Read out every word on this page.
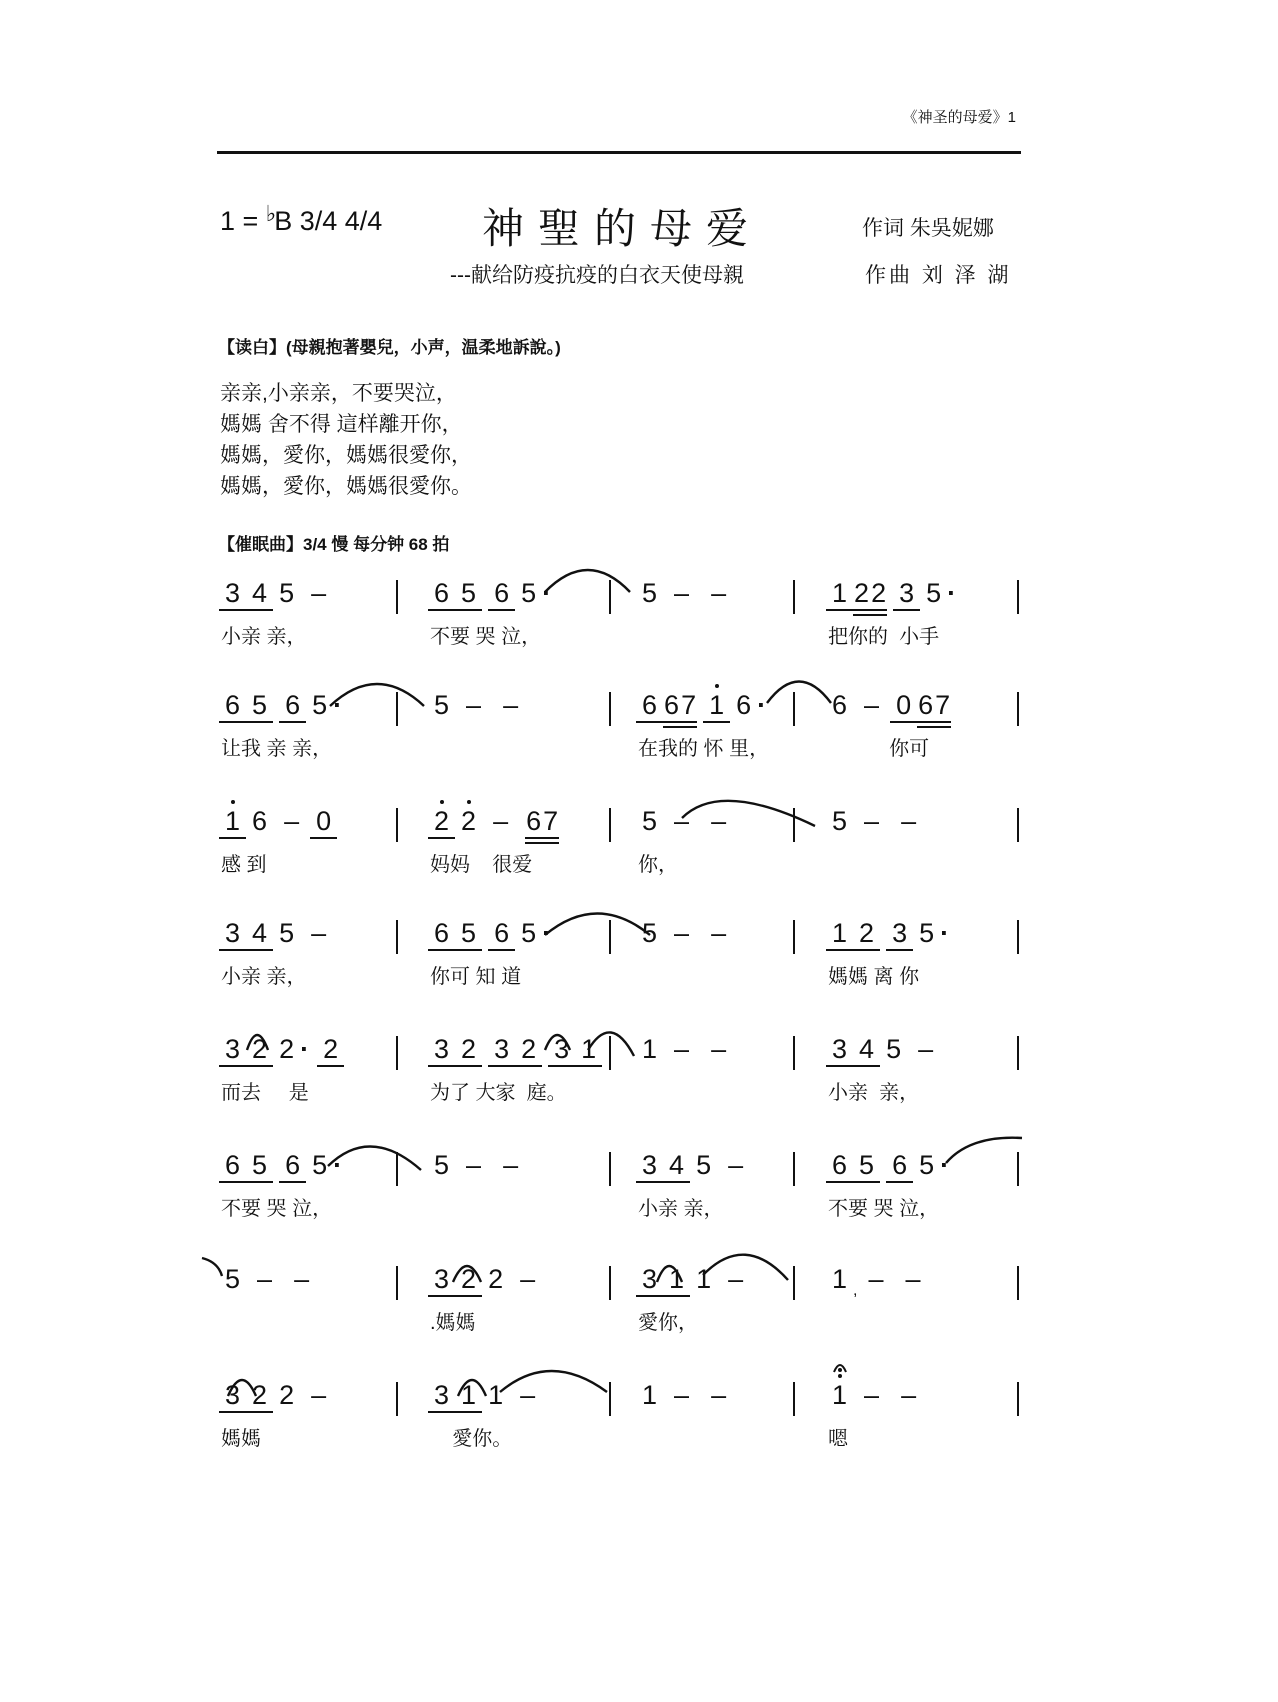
《神圣的母爱》1
1 = ♭B 3/4 4/4 神聖的母爱	作词 朱吳妮娜
---献给防疫抗疫的白衣天使母親	作曲 刘 泽 湖
【读白】(母親抱著嬰兒，小声，温柔地訴說。)
亲亲,小亲亲，不要哭泣，
媽媽 舍不得 這样離开你，
媽媽，愛你，媽媽很愛你，
媽媽，愛你，媽媽很愛你。
【催眠曲】3/4 慢 每分钟 68 拍
3 4 5 –
小亲 亲，
6 5 6 5 ·
不要 哭 泣，
5 – –	1 2 2 3 5 ·
把你的  小手
6 5 6 5 ·
让我 亲 亲，
5 – –	6 6 7 1 6 ·
在我的 怀 里，
6 – 0 6 7
你可
1 6 – 0
感 到
2 2 – 6 7
妈妈    很爱
5 – –
你，
5 – –
3 4 5 –
小亲 亲，
6 5 6 5 ·
你可 知 道
5 – –	1 2 3 5 ·
媽媽 离 你
3 2 2 · 2
而去     是
3 2 3 2 3 1
为了 大家  庭。
1 – –	3 4 5 –
小亲  亲，
6 5 6 5 ·
不要 哭 泣，
5 – –	3 4 5 –
小亲 亲，
6 5 6 5 ·
不要 哭 泣，
5 – –	3 2 2 –
.媽媽
3 1 1 –
愛你，
1 , – –
3 2 2 –
媽媽
3 1 1 –
愛你。
1 – –	1 – –
嗯
